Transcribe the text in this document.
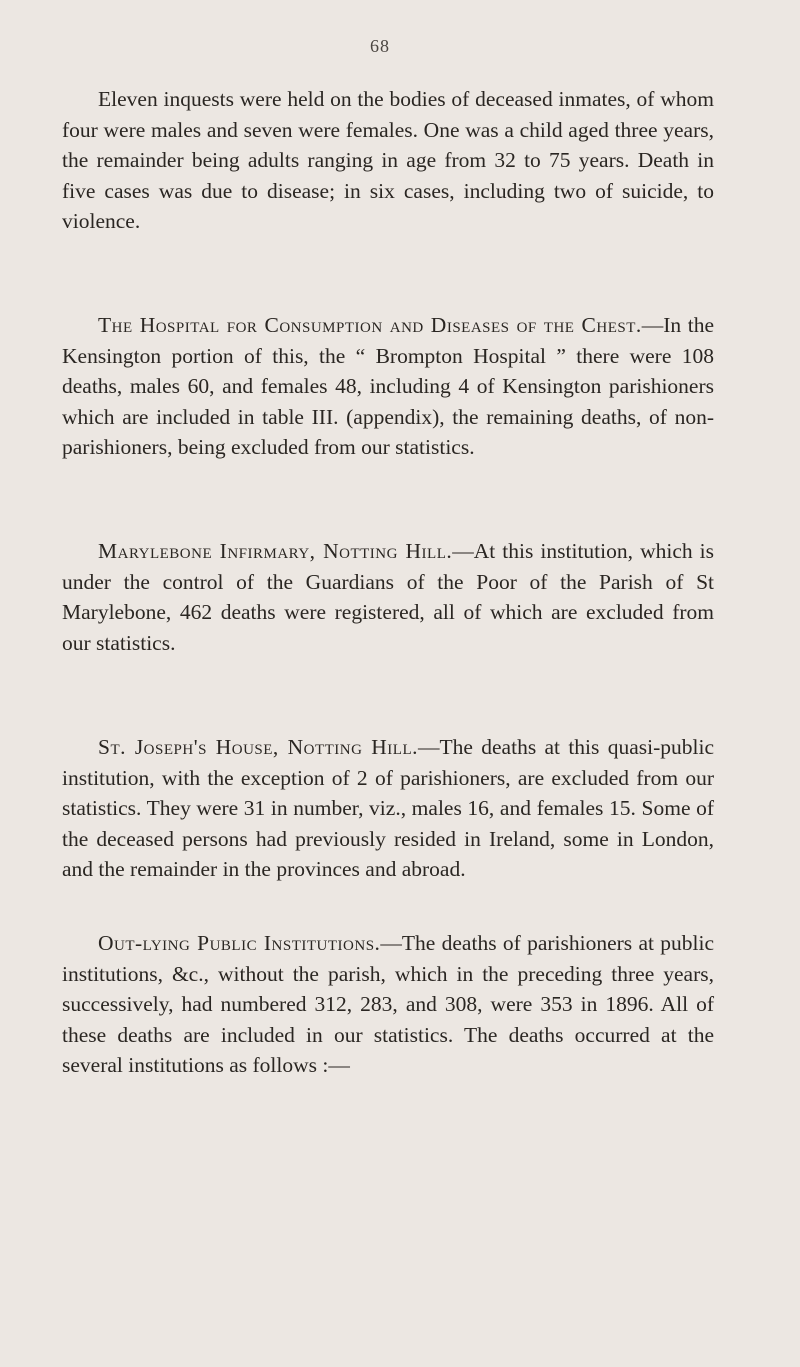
68
Eleven inquests were held on the bodies of deceased inmates, of whom four were males and seven were females. One was a child aged three years, the remainder being adults ranging in age from 32 to 75 years. Death in five cases was due to disease; in six cases, including two of suicide, to violence.
The Hospital for Consumption and Diseases of the Chest.—In the Kensington portion of this, the “ Brompton Hospital ” there were 108 deaths, males 60, and females 48, including 4 of Kensington parishioners which are included in table III. (appendix), the remaining deaths, of non-parishioners, being excluded from our statistics.
Marylebone Infirmary, Notting Hill.—At this institution, which is under the control of the Guardians of the Poor of the Parish of St Marylebone, 462 deaths were registered, all of which are excluded from our statistics.
St. Joseph's House, Notting Hill.—The deaths at this quasi-public institution, with the exception of 2 of parishioners, are excluded from our statistics. They were 31 in number, viz., males 16, and females 15. Some of the deceased persons had previously resided in Ireland, some in London, and the remainder in the provinces and abroad.
Out-lying Public Institutions.—The deaths of parishioners at public institutions, &c., without the parish, which in the preceding three years, successively, had numbered 312, 283, and 308, were 353 in 1896. All of these deaths are included in our statistics. The deaths occurred at the several institutions as follows :—
